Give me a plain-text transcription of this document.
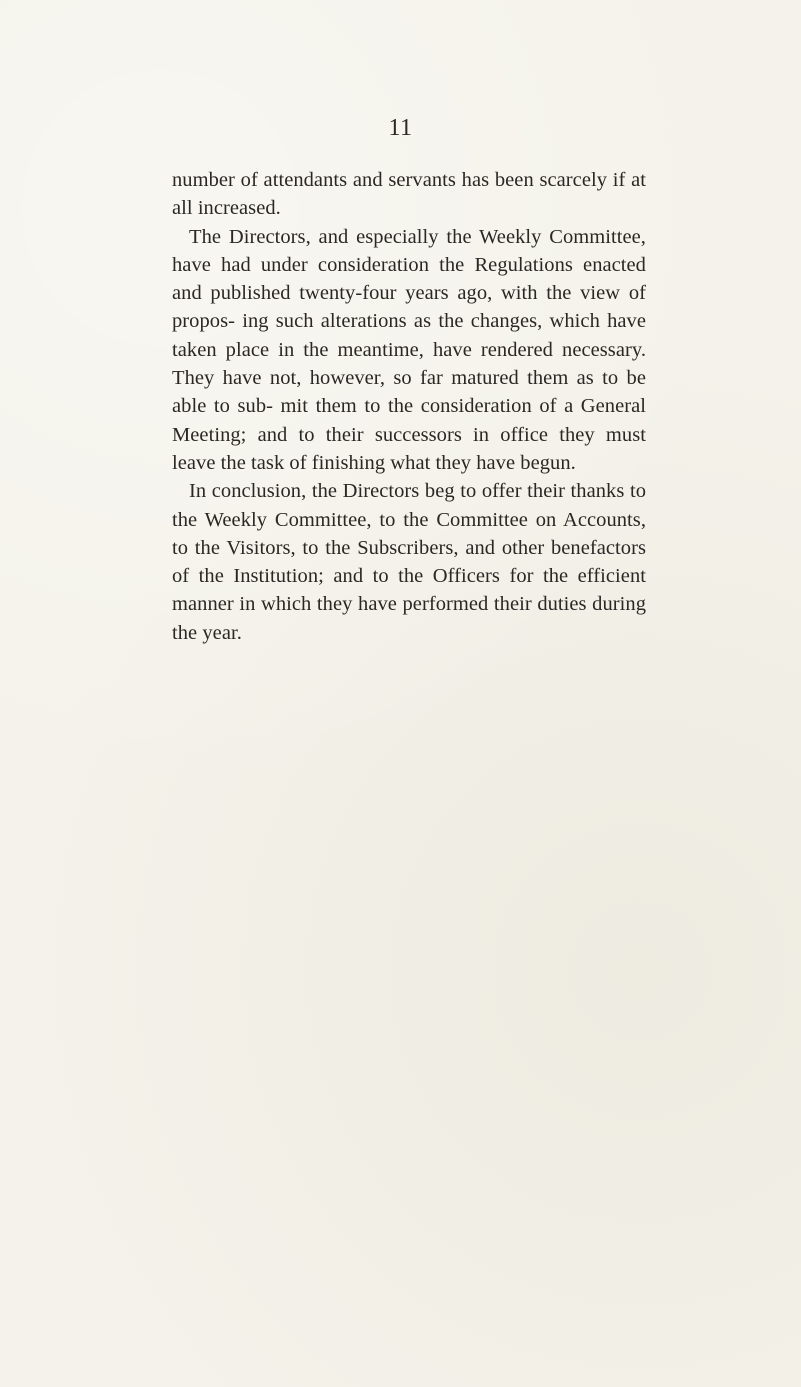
11

number of attendants and servants has been scarcely if at all increased.

The Directors, and especially the Weekly Committee, have had under consideration the Regulations enacted and published twenty-four years ago, with the view of propos- ing such alterations as the changes, which have taken place in the meantime, have rendered necessary. They have not, however, so far matured them as to be able to sub- mit them to the consideration of a General Meeting; and to their successors in office they must leave the task of finishing what they have begun.

In conclusion, the Directors beg to offer their thanks to the Weekly Committee, to the Committee on Accounts, to the Visitors, to the Subscribers, and other benefactors of the Institution; and to the Officers for the efficient manner in which they have performed their duties during the year.
